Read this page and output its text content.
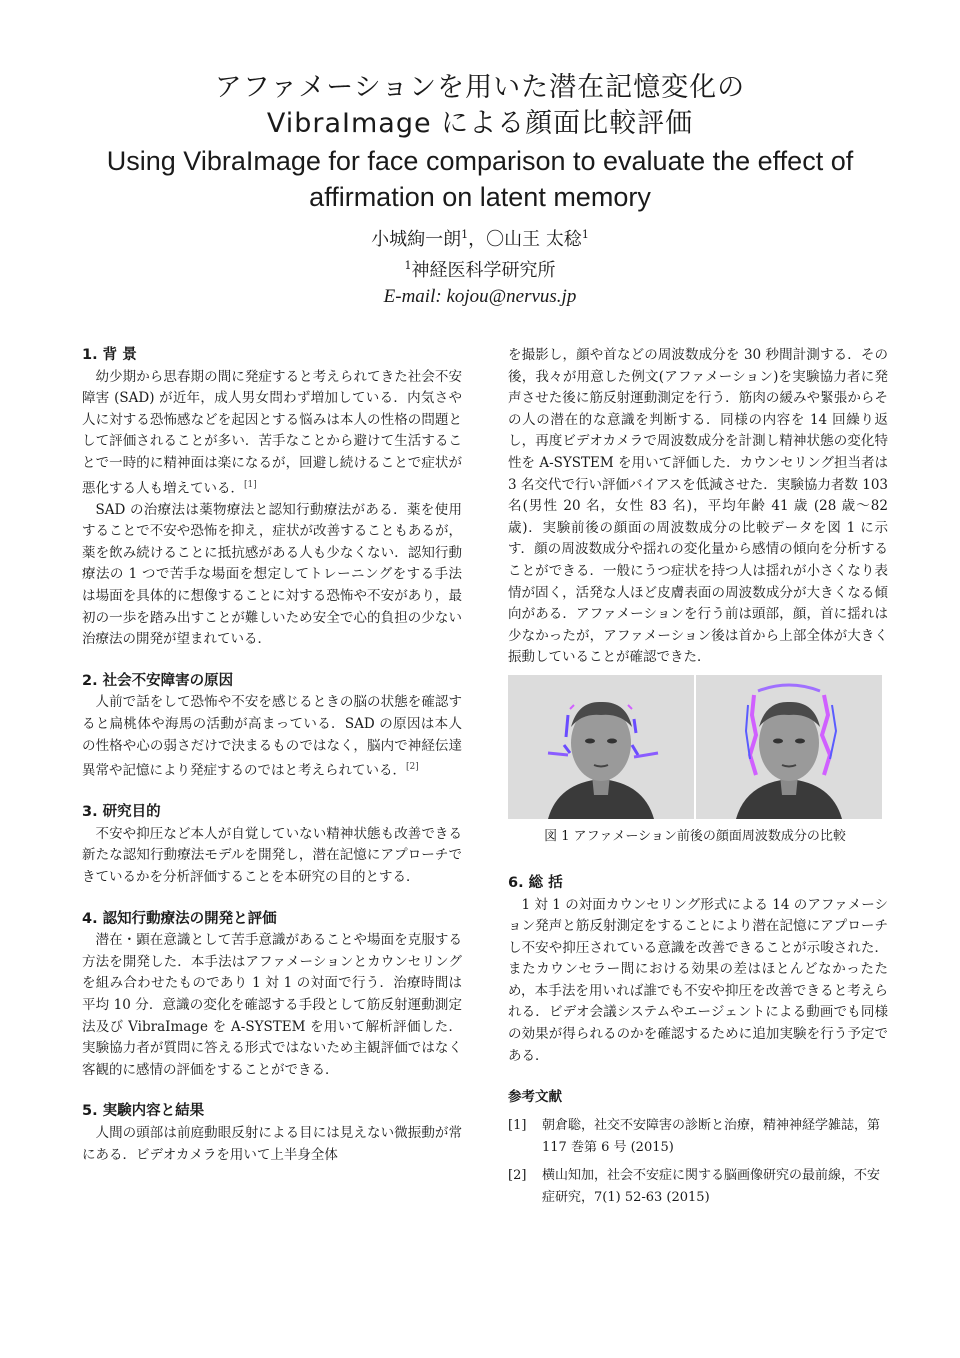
アファメーションを用いた潜在記憶変化の
VibraImage による顔面比較評価
Using VibraImage for face comparison to evaluate the effect of
affirmation on latent memory
小城絢一朗$^1$，〇山王 太稔$^1$
$^1$神経医科学研究所
E-mail: kojou@nervus.jp
1. 背 景

幼少期から思春期の間に発症すると考えられてきた社会不安障害 (SAD) が近年，成人男女問わず増加している．内気さや人に対する恐怖感などを起因とする悩みは本人の性格の問題として評価されることが多い．苦手なことから避けて生活することで一時的に精神面は楽になるが，回避し続けることで症状が悪化する人も増えている．[1]

SAD の治療法は薬物療法と認知行動療法がある．薬を使用することで不安や恐怖を抑え，症状が改善することもあるが，薬を飲み続けることに抵抗感がある人も少なくない．認知行動療法の 1 つで苦手な場面を想定してトレーニングをする手法は場面を具体的に想像することに対する恐怖や不安があり，最初の一歩を踏み出すことが難しいため安全で心的負担の少ない治療法の開発が望まれている．

2. 社会不安障害の原因

人前で話をして恐怖や不安を感じるときの脳の状態を確認すると扁桃体や海馬の活動が高まっている．SAD の原因は本人の性格や心の弱さだけで決まるものではなく，脳内で神経伝達異常や記憶により発症するのではと考えられている．[2]

3. 研究目的

不安や抑圧など本人が自覚していない精神状態も改善できる新たな認知行動療法モデルを開発し，潜在記憶にアプローチできているかを分析評価することを本研究の目的とする．

4. 認知行動療法の開発と評価

潜在・顕在意識として苦手意識があることや場面を克服する方法を開発した．本手法はアファメーションとカウンセリングを組み合わせたものであり 1 対 1 の対面で行う．治療時間は平均 10 分．意識の変化を確認する手段として筋反射運動測定法及び VibraImage を A-SYSTEM を用いて解析評価した．実験協力者が質問に答える形式ではないため主観評価ではなく客観的に感情の評価をすることができる．

5. 実験内容と結果

人間の頭部は前庭動眼反射による目には見えない微振動が常にある．ビデオカメラを用いて上半身全体

を撮影し，顔や首などの周波数成分を 30 秒間計測する．その後，我々が用意した例文(アファメーション)を実験協力者に発声させた後に筋反射運動測定を行う．筋肉の緩みや緊張からその人の潜在的な意識を判断する．同様の内容を 14 回繰り返し，再度ビデオカメラで周波数成分を計測し精神状態の変化特性を A-SYSTEM を用いて評価した．カウンセリング担当者は 3 名交代で行い評価バイアスを低減させた．実験協力者数 103 名(男性 20 名，女性 83 名)，平均年齢 41 歳 (28 歳～82 歳)．実験前後の顔面の周波数成分の比較データを図 1 に示す．顔の周波数成分や揺れの変化量から感情の傾向を分析することができる．一般にうつ症状を持つ人は揺れが小さくなり表情が固く，活発な人ほど皮膚表面の周波数成分が大きくなる傾向がある．アファメーションを行う前は頭部，顔，首に揺れは少なかったが，アファメーション後は首から上部全体が大きく振動していることが確認できた．

図 1 アファメーション前後の顔面周波数成分の比較
6. 総 括

1 対 1 の対面カウンセリング形式による 14 のアファメーション発声と筋反射測定をすることにより潜在記憶にアプローチし不安や抑圧されている意識を改善できることが示唆された．またカウンセラー間における効果の差はほとんどなかったため，本手法を用いれば誰でも不安や抑圧を改善できると考えられる．ビデオ会議システムやエージェントによる動画でも同様の効果が得られるのかを確認するために追加実験を行う予定である．

参考文献
[1]	朝倉聡，社交不安障害の診断と治療，精神神経学雑誌，第 117 巻第 6 号 (2015)
[2]	横山知加，社会不安症に関する脳画像研究の最前線，不安症研究，7(1) 52-63 (2015)
